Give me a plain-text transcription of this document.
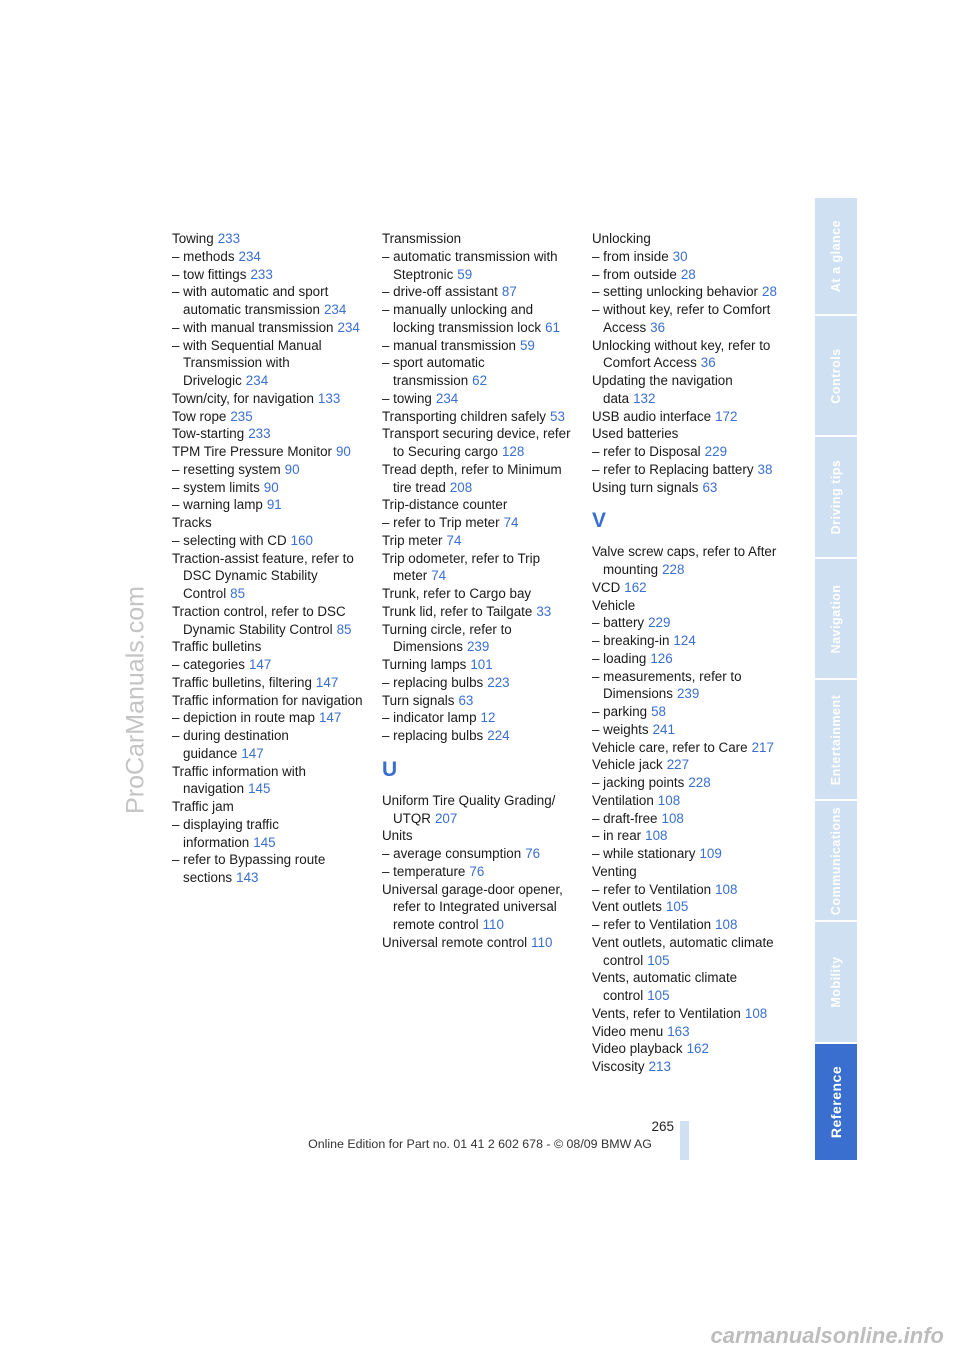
Towing 233
– methods 234
– tow fittings 233
– with automatic and sport automatic transmission 234
– with manual transmission 234
– with Sequential Manual Transmission with Drivelogic 234
Town/city, for navigation 133
Tow rope 235
Tow-starting 233
TPM Tire Pressure Monitor 90
– resetting system 90
– system limits 90
– warning lamp 91
Tracks
– selecting with CD 160
Traction-assist feature, refer to DSC Dynamic Stability Control 85
Traction control, refer to DSC Dynamic Stability Control 85
Traffic bulletins
– categories 147
Traffic bulletins, filtering 147
Traffic information for navigation
– depiction in route map 147
– during destination guidance 147
Traffic information with navigation 145
Traffic jam
– displaying traffic information 145
– refer to Bypassing route sections 143
Transmission
– automatic transmission with Steptronic 59
– drive-off assistant 87
– manually unlocking and locking transmission lock 61
– manual transmission 59
– sport automatic transmission 62
– towing 234
Transporting children safely 53
Transport securing device, refer to Securing cargo 128
Tread depth, refer to Minimum tire tread 208
Trip-distance counter
– refer to Trip meter 74
Trip meter 74
Trip odometer, refer to Trip meter 74
Trunk, refer to Cargo bay
Trunk lid, refer to Tailgate 33
Turning circle, refer to Dimensions 239
Turning lamps 101
– replacing bulbs 223
Turn signals 63
– indicator lamp 12
– replacing bulbs 224
U
Uniform Tire Quality Grading/ UTQR 207
Units
– average consumption 76
– temperature 76
Universal garage-door opener, refer to Integrated universal remote control 110
Universal remote control 110
Unlocking
– from inside 30
– from outside 28
– setting unlocking behavior 28
– without key, refer to Comfort Access 36
Unlocking without key, refer to Comfort Access 36
Updating the navigation data 132
USB audio interface 172
Used batteries
– refer to Disposal 229
– refer to Replacing battery 38
Using turn signals 63
V
Valve screw caps, refer to After mounting 228
VCD 162
Vehicle
– battery 229
– breaking-in 124
– loading 126
– measurements, refer to Dimensions 239
– parking 58
– weights 241
Vehicle care, refer to Care 217
Vehicle jack 227
– jacking points 228
Ventilation 108
– draft-free 108
– in rear 108
– while stationary 109
Venting
– refer to Ventilation 108
Vent outlets 105
– refer to Ventilation 108
Vent outlets, automatic climate control 105
Vents, automatic climate control 105
Vents, refer to Ventilation 108
Video menu 163
Video playback 162
Viscosity 213
At a glance
Controls
Driving tips
Navigation
Entertainment
Communications
Mobility
Reference
ProCarManuals.com
265
Online Edition for Part no. 01 41 2 602 678 - © 08/09 BMW AG
carmanualsonline.info
